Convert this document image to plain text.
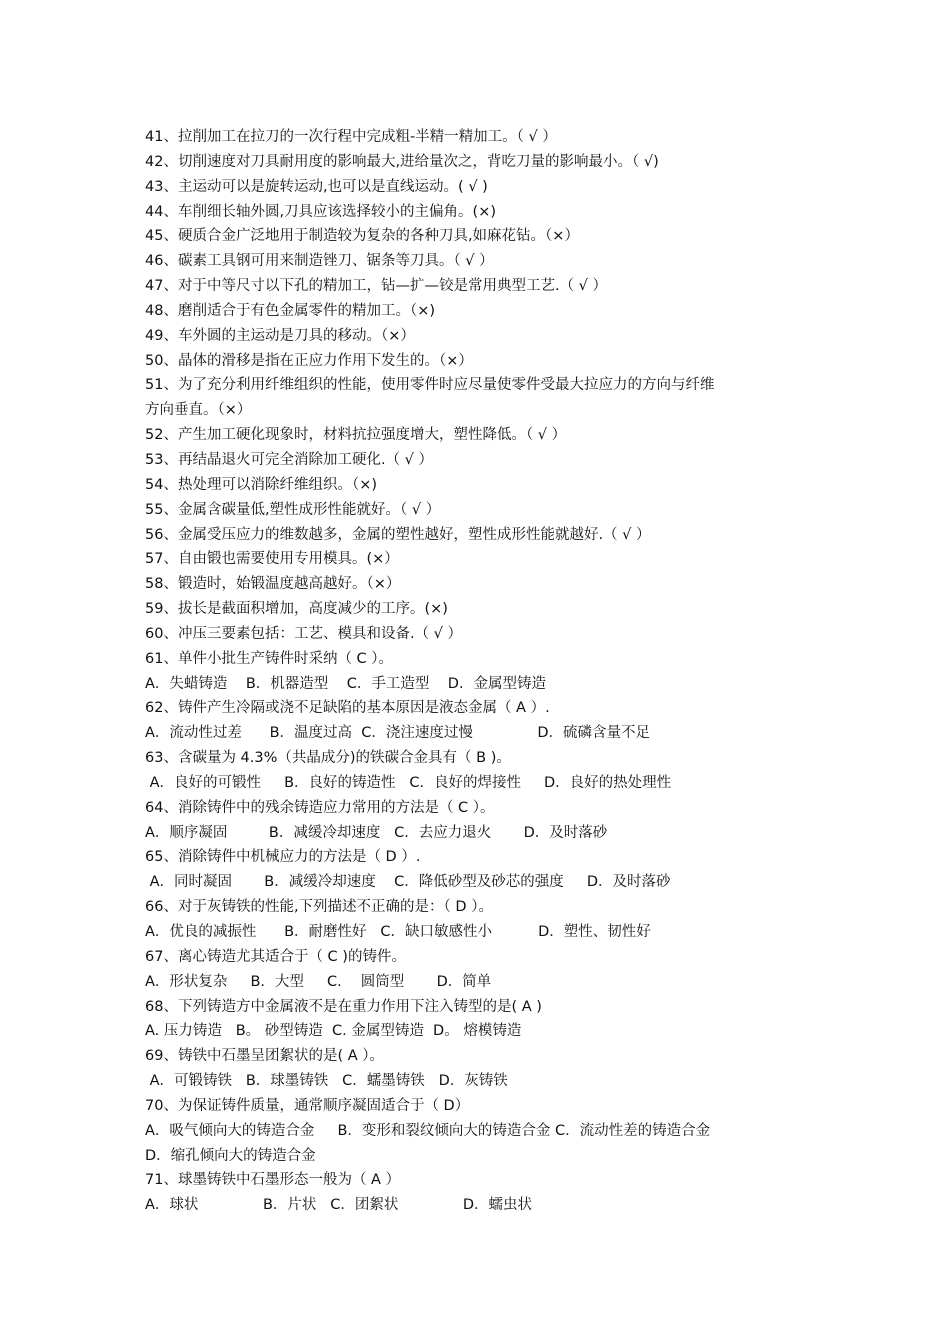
41、拉削加工在拉刀的一次行程中完成粗-半精一精加工。（ √ ）
42、切削速度对刀具耐用度的影响最大,进给量次之，背吃刀量的影响最小。（ √)
43、主运动可以是旋转运动,也可以是直线运动。( √ )
44、车削细长轴外圆,刀具应该选择较小的主偏角。(×)
45、硬质合金广泛地用于制造较为复杂的各种刀具,如麻花钻。（×）
46、碳素工具钢可用来制造锉刀、锯条等刀具。（ √ ）
47、对于中等尺寸以下孔的精加工，钻—扩—铰是常用典型工艺.（ √ ）
48、磨削适合于有色金属零件的精加工。（×)
49、车外圆的主运动是刀具的移动。（×）
50、晶体的滑移是指在正应力作用下发生的。（×）
51、为了充分利用纤维组织的性能，使用零件时应尽量使零件受最大拉应力的方向与纤维
方向垂直。（×）
52、产生加工硬化现象时，材料抗拉强度增大，塑性降低。（ √ ）
53、再结晶退火可完全消除加工硬化.（ √ ）
54、热处理可以消除纤维组织。（×)
55、金属含碳量低,塑性成形性能就好。（ √ ）
56、金属受压应力的维数越多，金属的塑性越好，塑性成形性能就越好.（ √ ）
57、自由锻也需要使用专用模具。(×）
58、锻造时，始锻温度越高越好。（×）
59、拔长是截面积增加，高度减少的工序。(×)
60、冲压三要素包括：工艺、模具和设备.（ √ ）
61、单件小批生产铸件时采纳（ C ）。
A．失蜡铸造    B．机器造型    C．手工造型    D．金属型铸造
62、铸件产生冷隔或浇不足缺陷的基本原因是液态金属（ A ）.
A．流动性过差      B．温度过高  C．浇注速度过慢              D．硫磷含量不足
63、含碳量为 4.3%（共晶成分)的铁碳合金具有（ B )。
A．良好的可锻性     B．良好的铸造性   C．良好的焊接性     D．良好的热处理性
64、消除铸件中的残余铸造应力常用的方法是（ C ）。
A．顺序凝固         B．减缓冷却速度   C．去应力退火       D．及时落砂
65、消除铸件中机械应力的方法是（ D ）.
A．同时凝固       B．减缓冷却速度    C．降低砂型及砂芯的强度     D．及时落砂
66、对于灰铸铁的性能,下列描述不正确的是：（ D ）。
A．优良的减振性      B．耐磨性好   C．缺口敏感性小          D．塑性、韧性好
67、离心铸造尤其适合于（ C )的铸件。
A．形状复杂     B．大型     C．  圆筒型       D．简单
68、下列铸造方中金属液不是在重力作用下注入铸型的是( A )
A. 压力铸造   B。 砂型铸造  C. 金属型铸造  D。 熔模铸造
69、铸铁中石墨呈团絮状的是( A ）。
A．可锻铸铁   B．球墨铸铁   C．蠕墨铸铁   D．灰铸铁
70、为保证铸件质量，通常顺序凝固适合于（ D）
A．吸气倾向大的铸造合金     B．变形和裂纹倾向大的铸造合金 C．流动性差的铸造合金
D．缩孔倾向大的铸造合金
71、球墨铸铁中石墨形态一般为（ A ）
A．球状              B．片状   C．团絮状              D．蠕虫状
